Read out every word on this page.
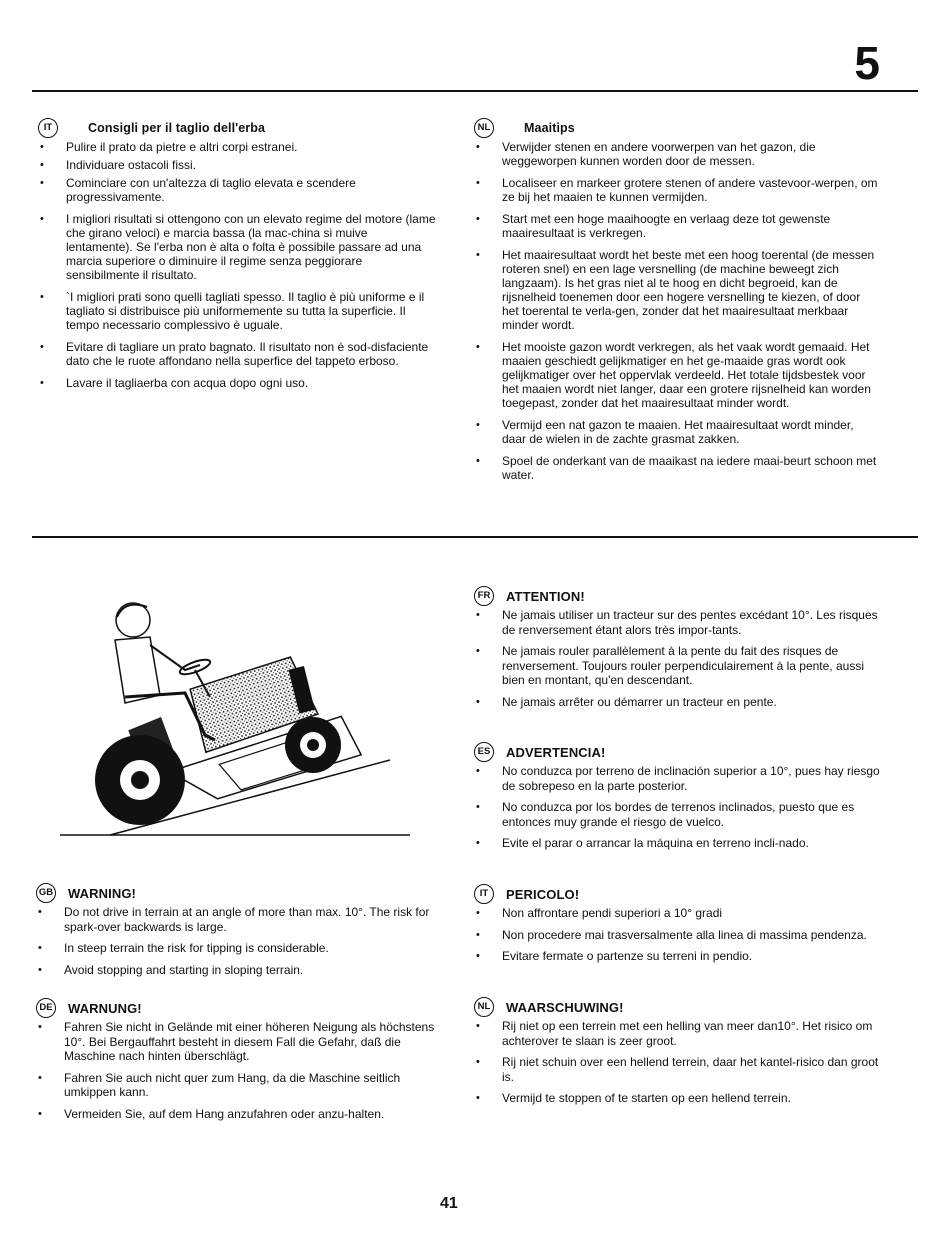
5
IT	Consigli per il taglio dell'erba
• Pulire il prato da pietre e altri corpi estranei.
• Individuare ostacoli fissi.
• Cominciare con un'altezza di taglio elevata e scendere progressivamente.
• I migliori risultati si ottengono con un elevato regime del motore (lame che girano veloci) e marcia bassa (la mac-china si muive lentamente). Se l'erba non è alta o folta è possibile passare ad una marcia superiore o diminuire il regime senza peggiorare sensibilmente il risultato.
• `I migliori prati sono quelli tagliati spesso. Il taglio è più uniforme e il tagliato si distribuisce più uniformemente su tutta la superficie. Il tempo necessario complessivo è uguale.
• Evitare di tagliare un prato bagnato. Il risultato non è sod-disfaciente dato che le ruote affondano nella superfice del tappeto erboso.
• Lavare il tagliaerba con acqua dopo ogni uso.
NL	Maaitips
• Verwijder stenen en andere voorwerpen van het gazon, die weggeworpen kunnen worden door de messen.
• Localiseer en markeer grotere stenen of andere vastevoor-werpen, om ze bij het maaien te kunnen vermijden.
• Start met een hoge maaihoogte en verlaag deze tot gewenste maairesultaat is verkregen.
• Het maairesultaat wordt het beste met een hoog toerental (de messen roteren snel) en een lage versnelling (de machine beweegt zich langzaam). Is het gras niet al te hoog en dicht begroeid, kan de rijsnelheid toenemen door een hogere versnelling te kiezen, of door het toerental te verla-gen, zonder dat het maairesultaat merkbaar minder wordt.
• Het mooiste gazon wordt verkregen, als het vaak wordt gemaaid. Het maaien geschiedt gelijkmatiger en het ge-maaide gras wordt ook gelijkmatiger over het oppervlak verdeeld. Het totale tijdsbestek voor het maaien wordt niet langer, daar een grotere rijsnelheid kan worden toegepast, zonder dat het maairesultaat minder wordt.
• Vermijd een nat gazon te maaien. Het maairesultaat wordt minder, daar de wielen in de zachte grasmat zakken.
• Spoel de onderkant van de maaikast na iedere maai-beurt schoon met water.
GB WARNING!
• Do not drive in terrain at an angle of more than max. 10°. The risk for spark-over backwards is large.
• In steep terrain the risk for tipping is considerable.
• Avoid stopping and starting in sloping terrain.
DE WARNUNG!
• Fahren Sie nicht in Gelände mit einer höheren Neigung als höchstens 10°. Bei Bergauffahrt besteht in diesem Fall die Gefahr, daß die Maschine nach hinten überschlägt.
• Fahren Sie auch nicht quer zum Hang, da die Maschine seitlich umkippen kann.
• Vermeiden Sie, auf dem Hang anzufahren oder anzu-halten.
FR ATTENTION!
• Ne jamais utiliser un tracteur sur des pentes excédant 10°. Les risques de renversement étant alors très impor-tants.
• Ne jamais rouler parallèlement à la pente du fait des risques de renversement. Toujours rouler perpendiculairement à la pente, aussi bien en montant, qu'en descendant.
• Ne jamais arrêter ou démarrer un tracteur en pente.
ES ADVERTENCIA!
• No conduzca por terreno de inclinación superior a 10°, pues hay riesgo de sobrepeso en la parte posterior.
• No conduzca por los bordes de terrenos inclinados, puesto que es entonces muy grande el riesgo de vuelco.
• Evite el parar o arrancar la máquina en terreno incli-nado.
IT	PERICOLO!
• Non affrontare pendi superiori a 10° gradi
• Non procedere mai trasversalmente alla linea di massima pendenza.
• Evitare fermate o partenze su terreni in pendio.
NL WAARSCHUWING!
• Rij niet op een terrein met een helling van meer dan10°. Het risico om achterover te slaan is zeer groot.
• Rij niet schuin over een hellend terrein, daar het kantel-risico dan groot is.
• Vermijd te stoppen of te starten op een hellend terrein.
41
